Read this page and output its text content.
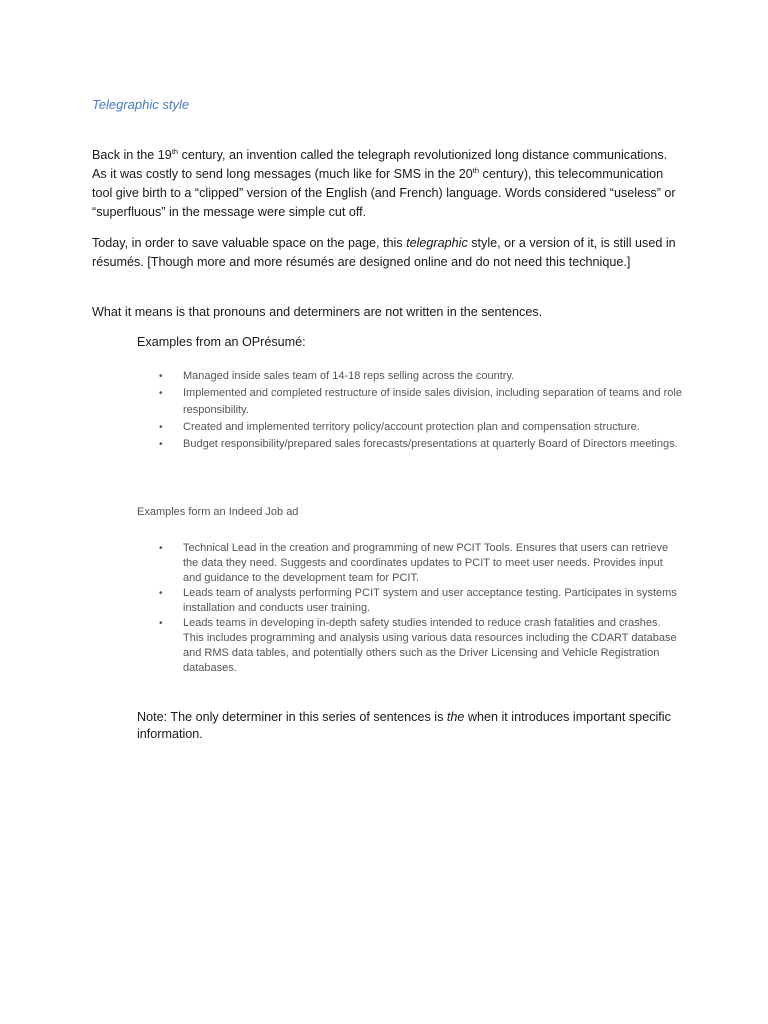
Telegraphic style
Back in the 19th century, an invention called the telegraph revolutionized long distance communications. As it was costly to send long messages (much like for SMS in the 20th century), this telecommunication tool give birth to a “clipped” version of the English (and French) language. Words considered “useless” or “superfluous” in the message were simple cut off.
Today, in order to save valuable space on the page, this telegraphic style, or a version of it, is still used in résumés. [Though more and more résumés are designed online and do not need this technique.]
What it means is that pronouns and determiners are not written in the sentences.
Examples from an OPrésumé:
• Managed inside sales team of 14-18 reps selling across the country.
• Implemented and completed restructure of inside sales division, including separation of teams and role responsibility.
• Created and implemented territory policy/account protection plan and compensation structure.
• Budget responsibility/prepared sales forecasts/presentations at quarterly Board of Directors meetings.
Examples form an Indeed Job ad
• Technical Lead in the creation and programming of new PCIT Tools. Ensures that users can retrieve the data they need. Suggests and coordinates updates to PCIT to meet user needs. Provides input and guidance to the development team for PCIT.
• Leads team of analysts performing PCIT system and user acceptance testing. Participates in systems installation and conducts user training.
• Leads teams in developing in-depth safety studies intended to reduce crash fatalities and crashes. This includes programming and analysis using various data resources including the CDART database and RMS data tables, and potentially others such as the Driver Licensing and Vehicle Registration databases.
Note: The only determiner in this series of sentences is the when it introduces important specific information.
